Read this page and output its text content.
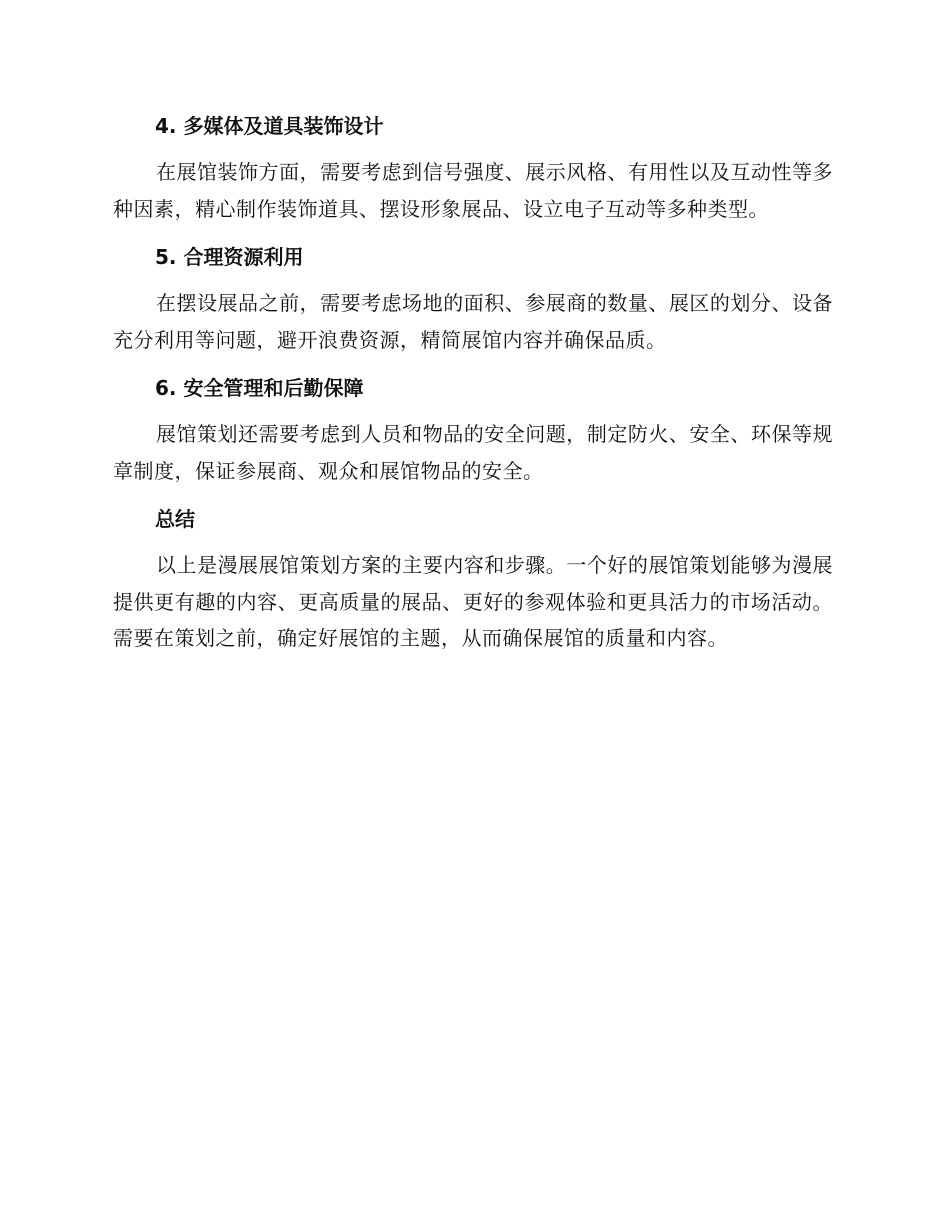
4. 多媒体及道具装饰设计

在展馆装饰方面，需要考虑到信号强度、展示风格、有用性以及互动性等多种因素，精心制作装饰道具、摆设形象展品、设立电子互动等多种类型。

5. 合理资源利用

在摆设展品之前，需要考虑场地的面积、参展商的数量、展区的划分、设备充分利用等问题，避开浪费资源，精简展馆内容并确保品质。

6. 安全管理和后勤保障

展馆策划还需要考虑到人员和物品的安全问题，制定防火、安全、环保等规章制度，保证参展商、观众和展馆物品的安全。

总结

以上是漫展展馆策划方案的主要内容和步骤。一个好的展馆策划能够为漫展提供更有趣的内容、更高质量的展品、更好的参观体验和更具活力的市场活动。需要在策划之前，确定好展馆的主题，从而确保展馆的质量和内容。
